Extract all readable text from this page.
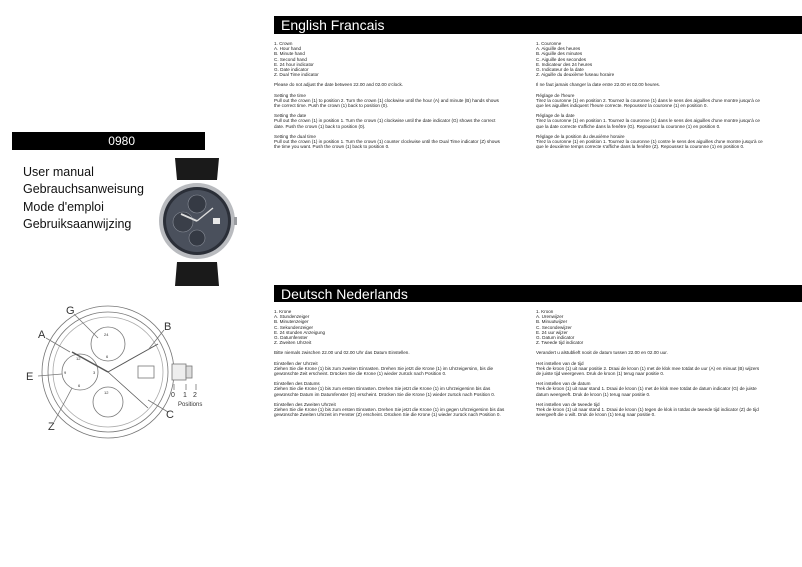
0980
User manual
Gebrauchsanweisung
Mode d'emploi
Gebruiksaanwijzing
G
A
B
E
Z
C
0 1 2
Positions
24
6
12
12
3
9
6
English Francais
1. Crown
A. Hour hand
B. Minute hand
C. Second hand
E. 24 hour indicator
G. Date indicator
Z. Dual Time indicator
Please do not adjust the date between 22.00 and 02.00 o'clock.
Setting the time
Pull out the crown (1) to position 2. Turn the crown (1) clockwise until the hour (A) and minute (B) hands shows the correct time. Push the crown (1) back to position (0).
Setting the date
Pull out the crown (1) in position 1. Turn the crown (1) clockwise until the date indicator (G) shows the correct date. Push the crown (1) back to position (0).
Setting the dual time
Pull out the crown (1) in position 1. Turn the crown (1) counter clockwise until the Dual Time indicator (Z) shows the time you want. Push the crown (1) back to position 0.
1. Couronne
A. Aiguille des heures
B. Aiguille des minutes
C. Aiguille des secondes
E. Indicateur des 24 heures
G. Indicateur de la date
Z. Aiguille du deuxième fuseau horaire
Il ne faut jamais changer la date entre 22.00 et 02.00 heures.
Réglage de l'heure
Tirez la couronne (1) en position 2. Tournez la couronne (1) dans le sens des aiguilles d'une montre jusqu'à ce que les aiguilles indiquent l'heure correcte. Repoussez la couronne (1) en position 0.
Réglage de la date
Tirez la couronne (1) en position 1. Tournez la couronne (1) dans le sens des aiguilles d'une montre jusqu'à ce que la date correcte s'affiche dans la fenêtre (G). Repoussez la couronne (1) en position 0.
Réglage de la position du deuxième horaire
Tirez la couronne (1) en position 1. Tournez la couronne (1) contre le sens des aiguilles d'une montre jusqu'à ce que le deuxième temps correcte s'affiche dans la fenêtre (Z). Repoussez la couronne (1) en position 0.
Deutsch Nederlands
1. Krone
A. Stundenzeiger
B. Minutenzeiger
C. Sekundenzeiger
E. 24 stunden Anzeigung
G. Datumfenster
Z. Zweiten Uhrzeit
Bitte niemals zwischen 22.00 und 02.00 Uhr das Datum Einstellen.
Einstellen der Uhrzeit
Ziehen Sie die Krone (1) bis zum zweiten Einrasten. Drehen Sie jetzt die Krone (1) im Uhrzeigersinn, bis die gewünschte Zeit erscheint. Drücken Sie die Krone (1) wieder zurück nach Position 0.
Einstellen des Datums
Ziehen Sie die Krone (1) bis zum ersten Einrasten. Drehen Sie jetzt die Krone (1) im Uhrzeigersinn bis das gewünschte Datum im Datumfenster (G) erscheint. Drücken Sie die Krone (1) wieder zurück nach Position 0.
Einstellen des Zweiten Uhrzeit
Ziehen Sie die Krone (1) bis zum ersten Einrasten. Drehen Sie jetzt die Krone (1) im gegen Uhrzeigersinn bis das gewünschte Zweiten Uhrzeit im Fenster (Z) erscheint. Drücken Sie die Krone (1) wieder zurück nach Position 0.
1. Kroon
A. Urenwijzer
B. Minuutwijzer
C. Secondewijzer
E. 24 uur wijzer
G. Datum indicator
Z. Tweede tijd indicator
Verandert u alstublieft nooit de datum tussen 22.00 en 02.00 uur.
Het instellen van de tijd
Trek de kroon (1) uit naar positie 2. Draai de kroon (1) met de klok mee totdat de uur (A) en minuut (B) wijzers de juiste tijd weergeven. Druk de kroon (1) terug naar positie 0.
Het instellen van de datum
Trek de kroon (1) uit naar stand 1. Draai de kroon (1) met de klok mee totdat de datum indicator (G) de juiste datum weergeeft. Druk de kroon (1) terug naar positie 0.
Het instellen van de tweede tijd
Trek de kroon (1) uit naar stand 1. Draai de kroon (1) tegen de klok in totdat de tweede tijd indicator (Z) de tijd weergeeft die u wilt. Druk de kroon (1) terug naar positie 0.
